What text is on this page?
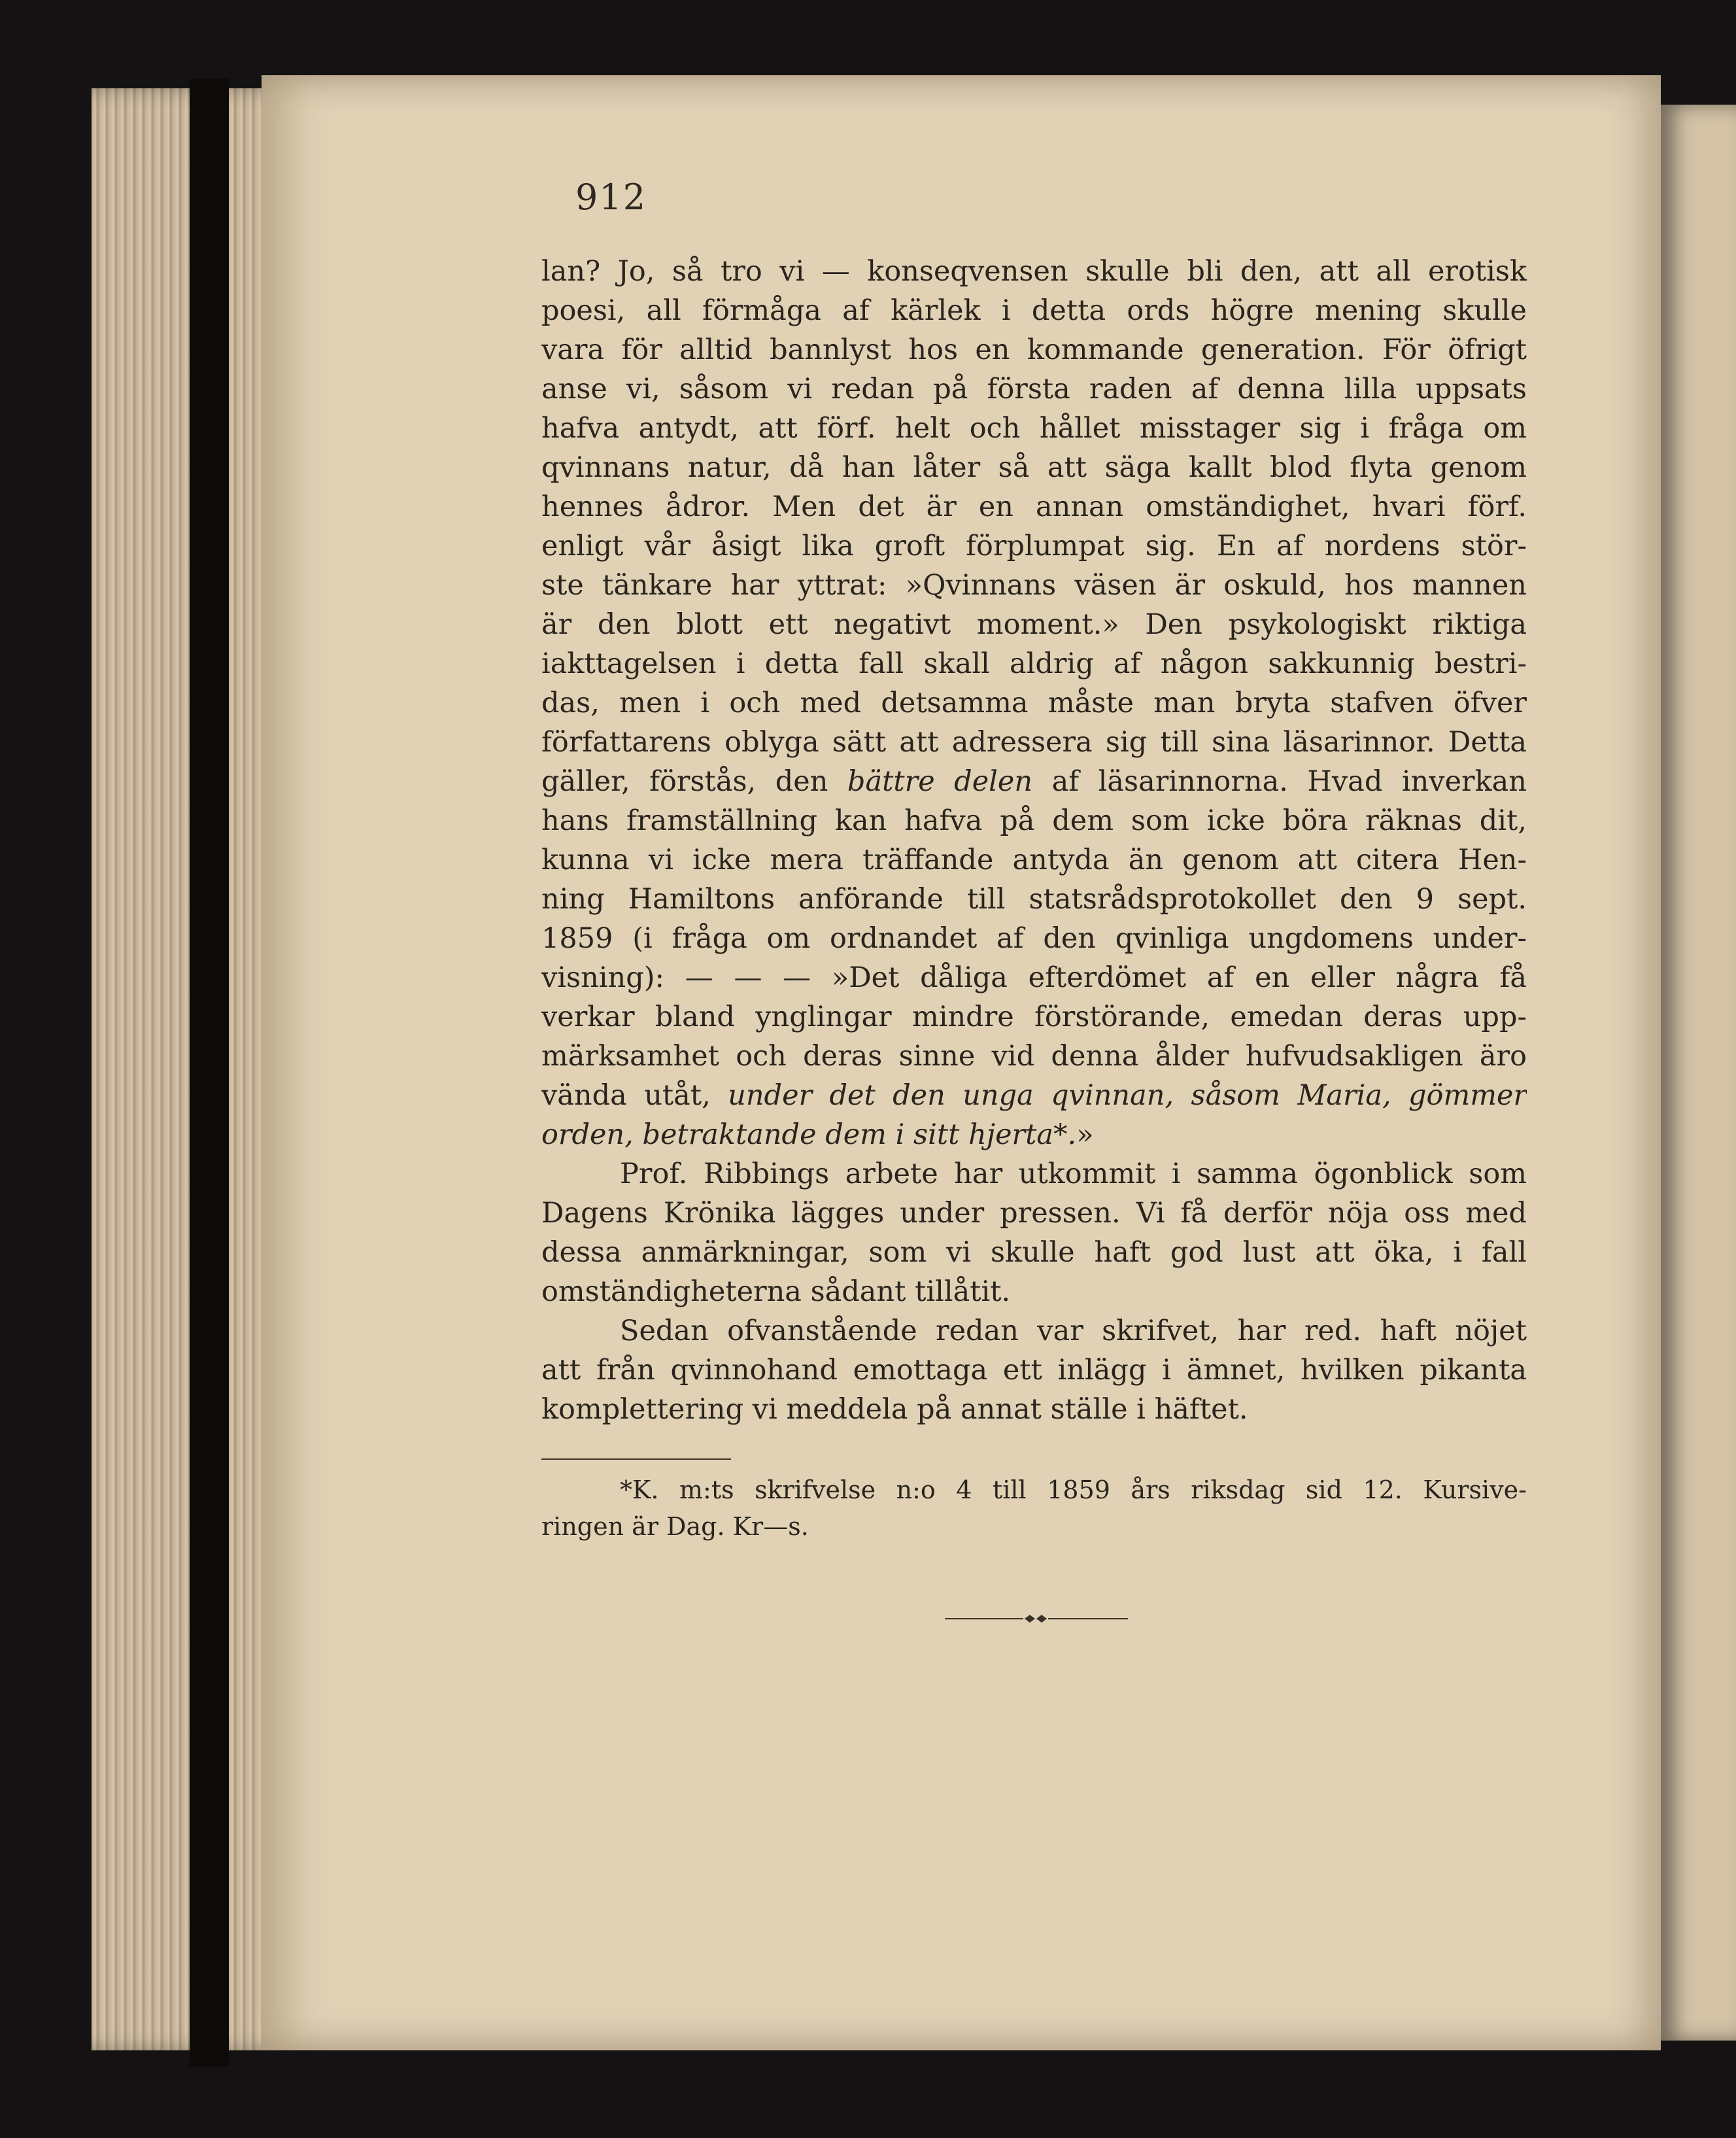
912
lan? Jo, så tro vi — konseqvensen skulle bli den, att all erotisk
poesi, all förmåga af kärlek i detta ords högre mening skulle
vara för alltid bannlyst hos en kommande generation. För öfrigt
anse vi, såsom vi redan på första raden af denna lilla uppsats
hafva antydt, att förf. helt och hållet misstager sig i fråga om
qvinnans natur, då han låter så att säga kallt blod flyta genom
hennes ådror. Men det är en annan omständighet, hvari förf.
enligt vår åsigt lika groft förplumpat sig. En af nordens stör-
ste tänkare har yttrat: »Qvinnans väsen är oskuld, hos mannen
är den blott ett negativt moment.» Den psykologiskt riktiga
iakttagelsen i detta fall skall aldrig af någon sakkunnig bestri-
das, men i och med detsamma måste man bryta stafven öfver
författarens oblyga sätt att adressera sig till sina läsarinnor. Detta
gäller, förstås, den bättre delen af läsarinnorna. Hvad inverkan
hans framställning kan hafva på dem som icke böra räknas dit,
kunna vi icke mera träffande antyda än genom att citera Hen-
ning Hamiltons anförande till statsrådsprotokollet den 9 sept.
1859 (i fråga om ordnandet af den qvinliga ungdomens under-
visning): — — — »Det dåliga efterdömet af en eller några få
verkar bland ynglingar mindre förstörande, emedan deras upp-
märksamhet och deras sinne vid denna ålder hufvudsakligen äro
vända utåt, under det den unga qvinnan, såsom Maria, gömmer
orden, betraktande dem i sitt hjerta*.»
Prof. Ribbings arbete har utkommit i samma ögonblick som
Dagens Krönika lägges under pressen. Vi få derför nöja oss med
dessa anmärkningar, som vi skulle haft god lust att öka, i fall
omständigheterna sådant tillåtit.
Sedan ofvanstående redan var skrifvet, har red. haft nöjet
att från qvinnohand emottaga ett inlägg i ämnet, hvilken pikanta
komplettering vi meddela på annat ställe i häftet.
*K. m:ts skrifvelse n:o 4 till 1859 års riksdag sid 12. Kursive-
ringen är Dag. Kr—s.
